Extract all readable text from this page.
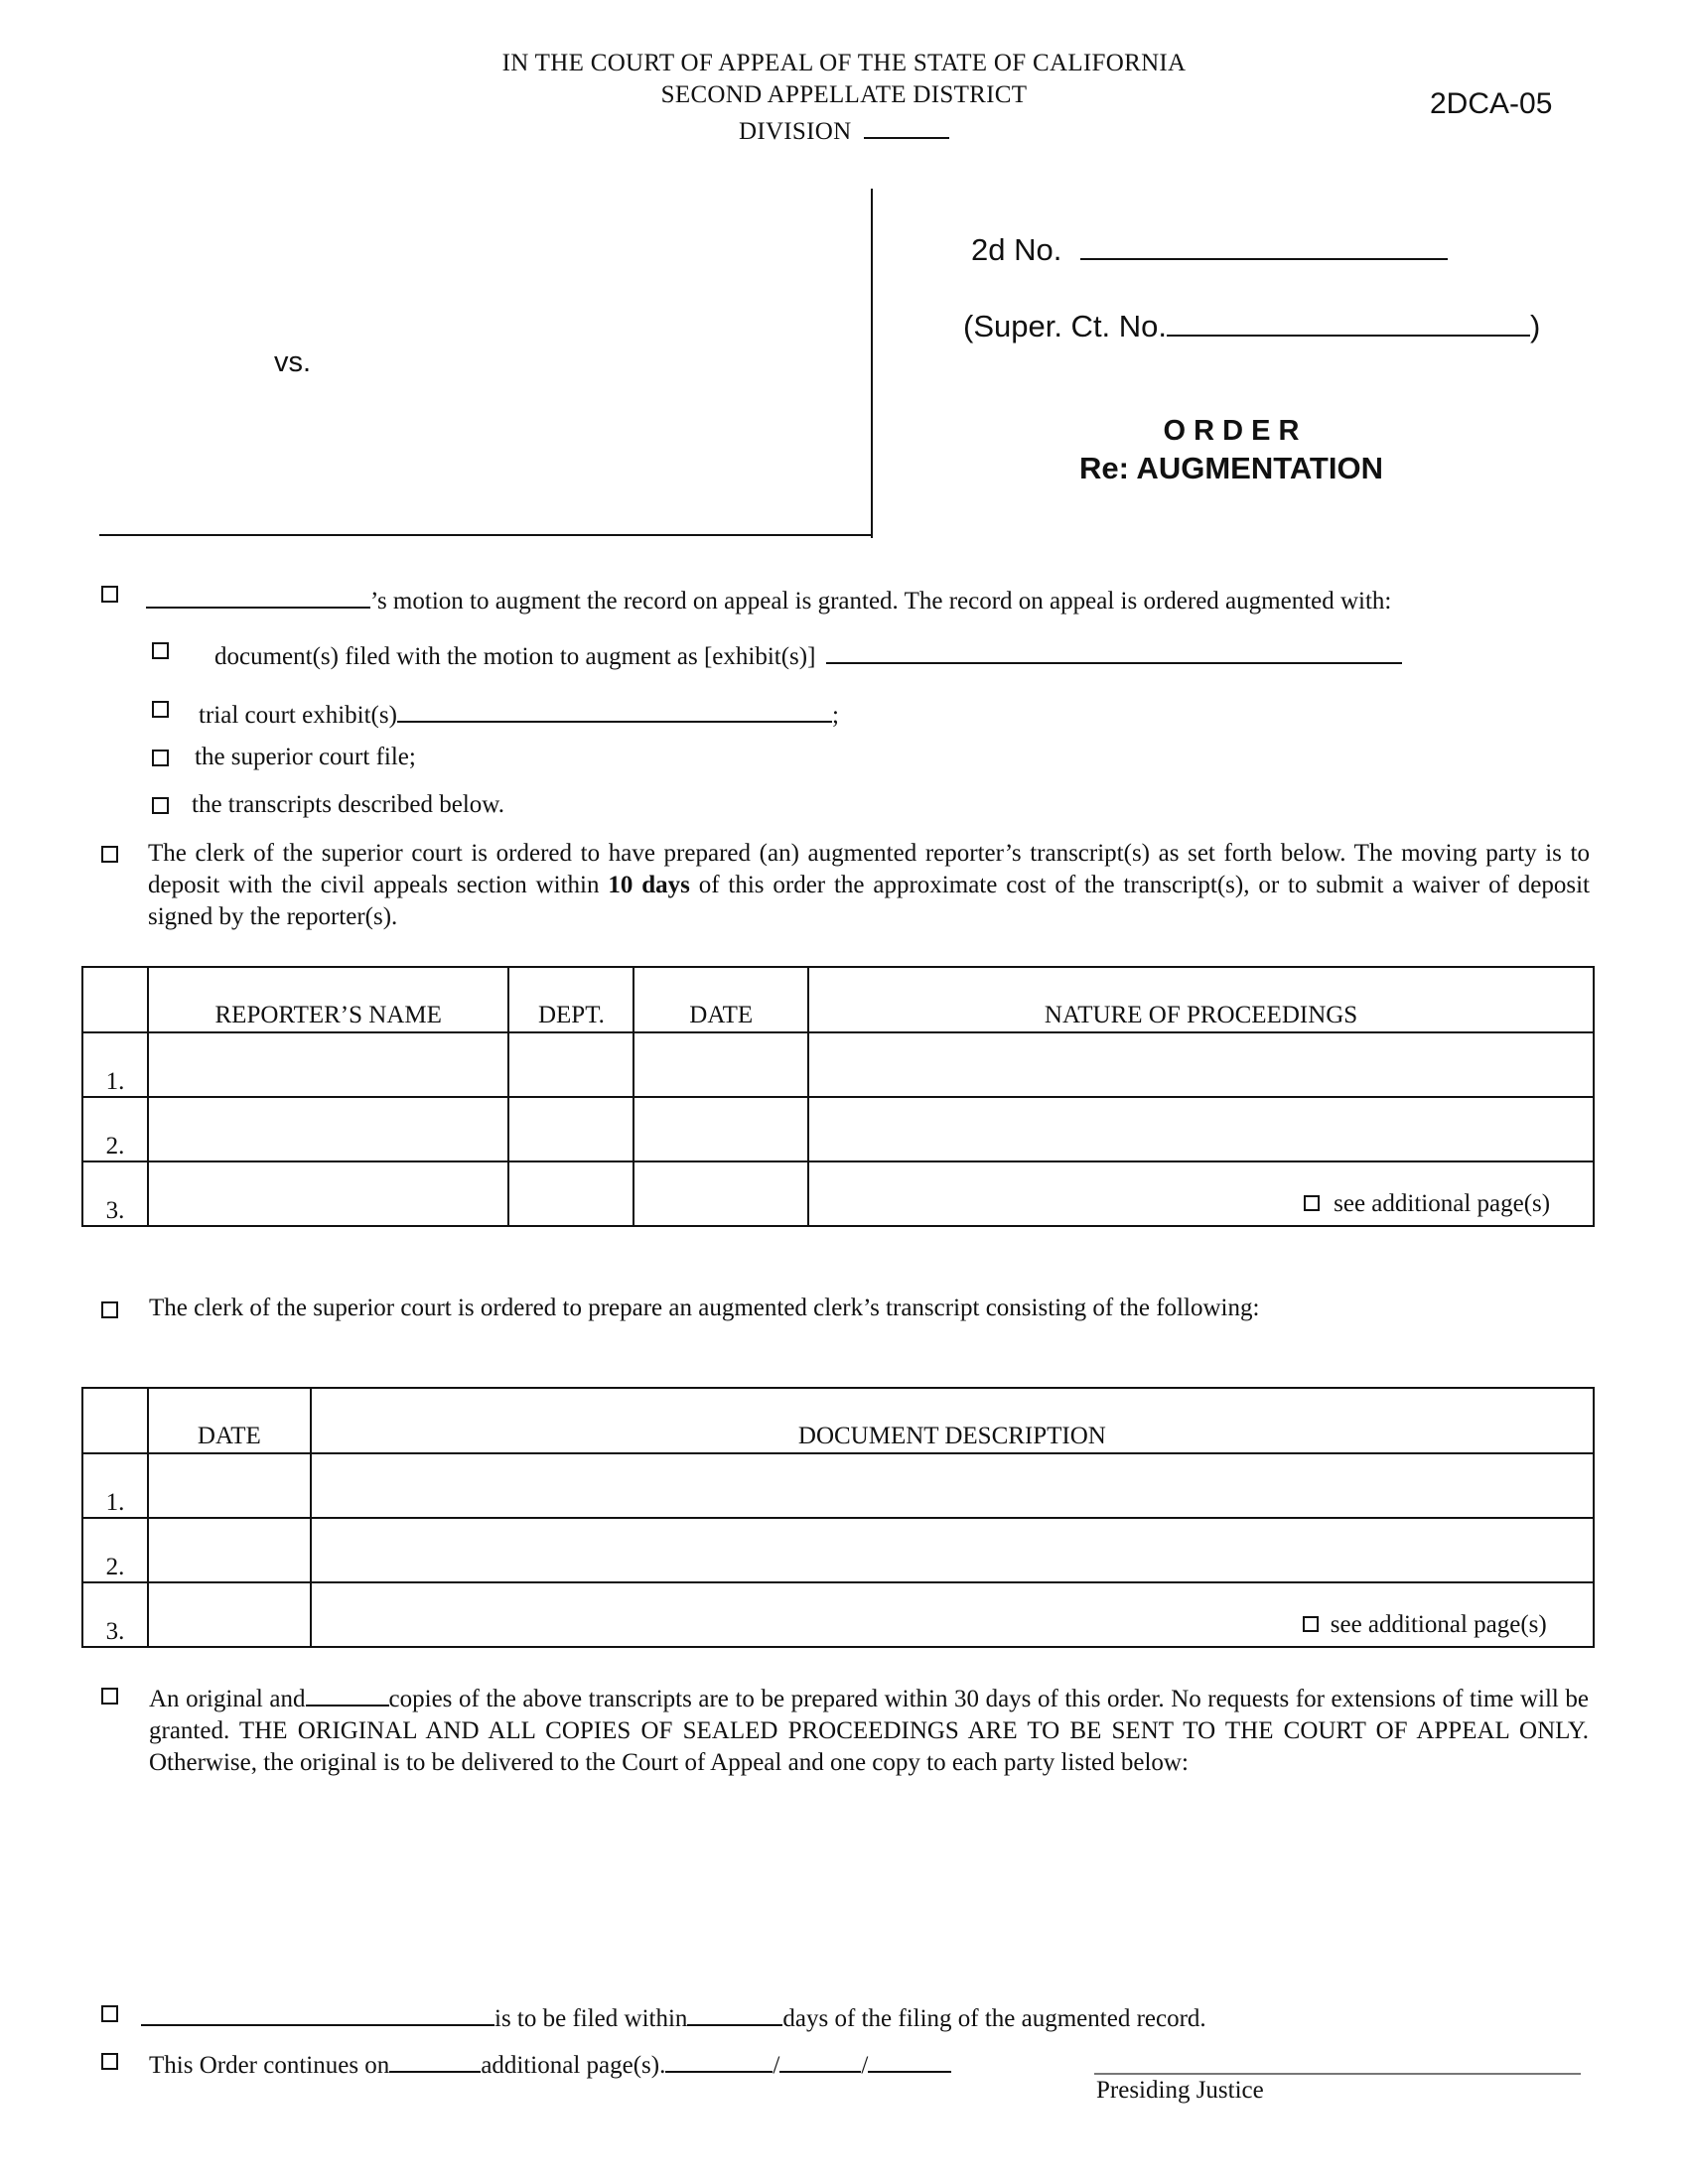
IN THE COURT OF APPEAL OF THE STATE OF CALIFORNIA
SECOND APPELLATE DISTRICT
DIVISION
2DCA-05
vs.
2d No.
(Super. Ct. No.	)
O R D E R
Re: AUGMENTATION
’s motion to augment the record on appeal is granted. The record on appeal is ordered augmented with:
document(s) filed with the motion to augment as [exhibit(s)]
trial court exhibit(s)	;
the superior court file;
the transcripts described below.
The clerk of the superior court is ordered to have prepared (an) augmented reporter’s transcript(s) as set forth below. The moving party is to deposit with the civil appeals section within 10 days of this order the approximate cost of the transcript(s), or to submit a waiver of deposit signed by the reporter(s).
	REPORTER’S NAME	DEPT.	DATE	NATURE OF PROCEEDINGS
1.				
2.				
3.				see additional page(s)
The clerk of the superior court is ordered to prepare an augmented clerk’s transcript consisting of the following:
	DATE	DOCUMENT DESCRIPTION
1.		
2.		
3.		see additional page(s)
An original and	copies of the above transcripts are to be prepared within 30 days of this order. No requests for extensions of time will be granted. THE ORIGINAL AND ALL COPIES OF SEALED PROCEEDINGS ARE TO BE SENT TO THE COURT OF APPEAL ONLY. Otherwise, the original is to be delivered to the Court of Appeal and one copy to each party listed below:
is to be filed within	days of the filing of the augmented record.
This Order continues on	additional page(s).	/	/
Presiding Justice
